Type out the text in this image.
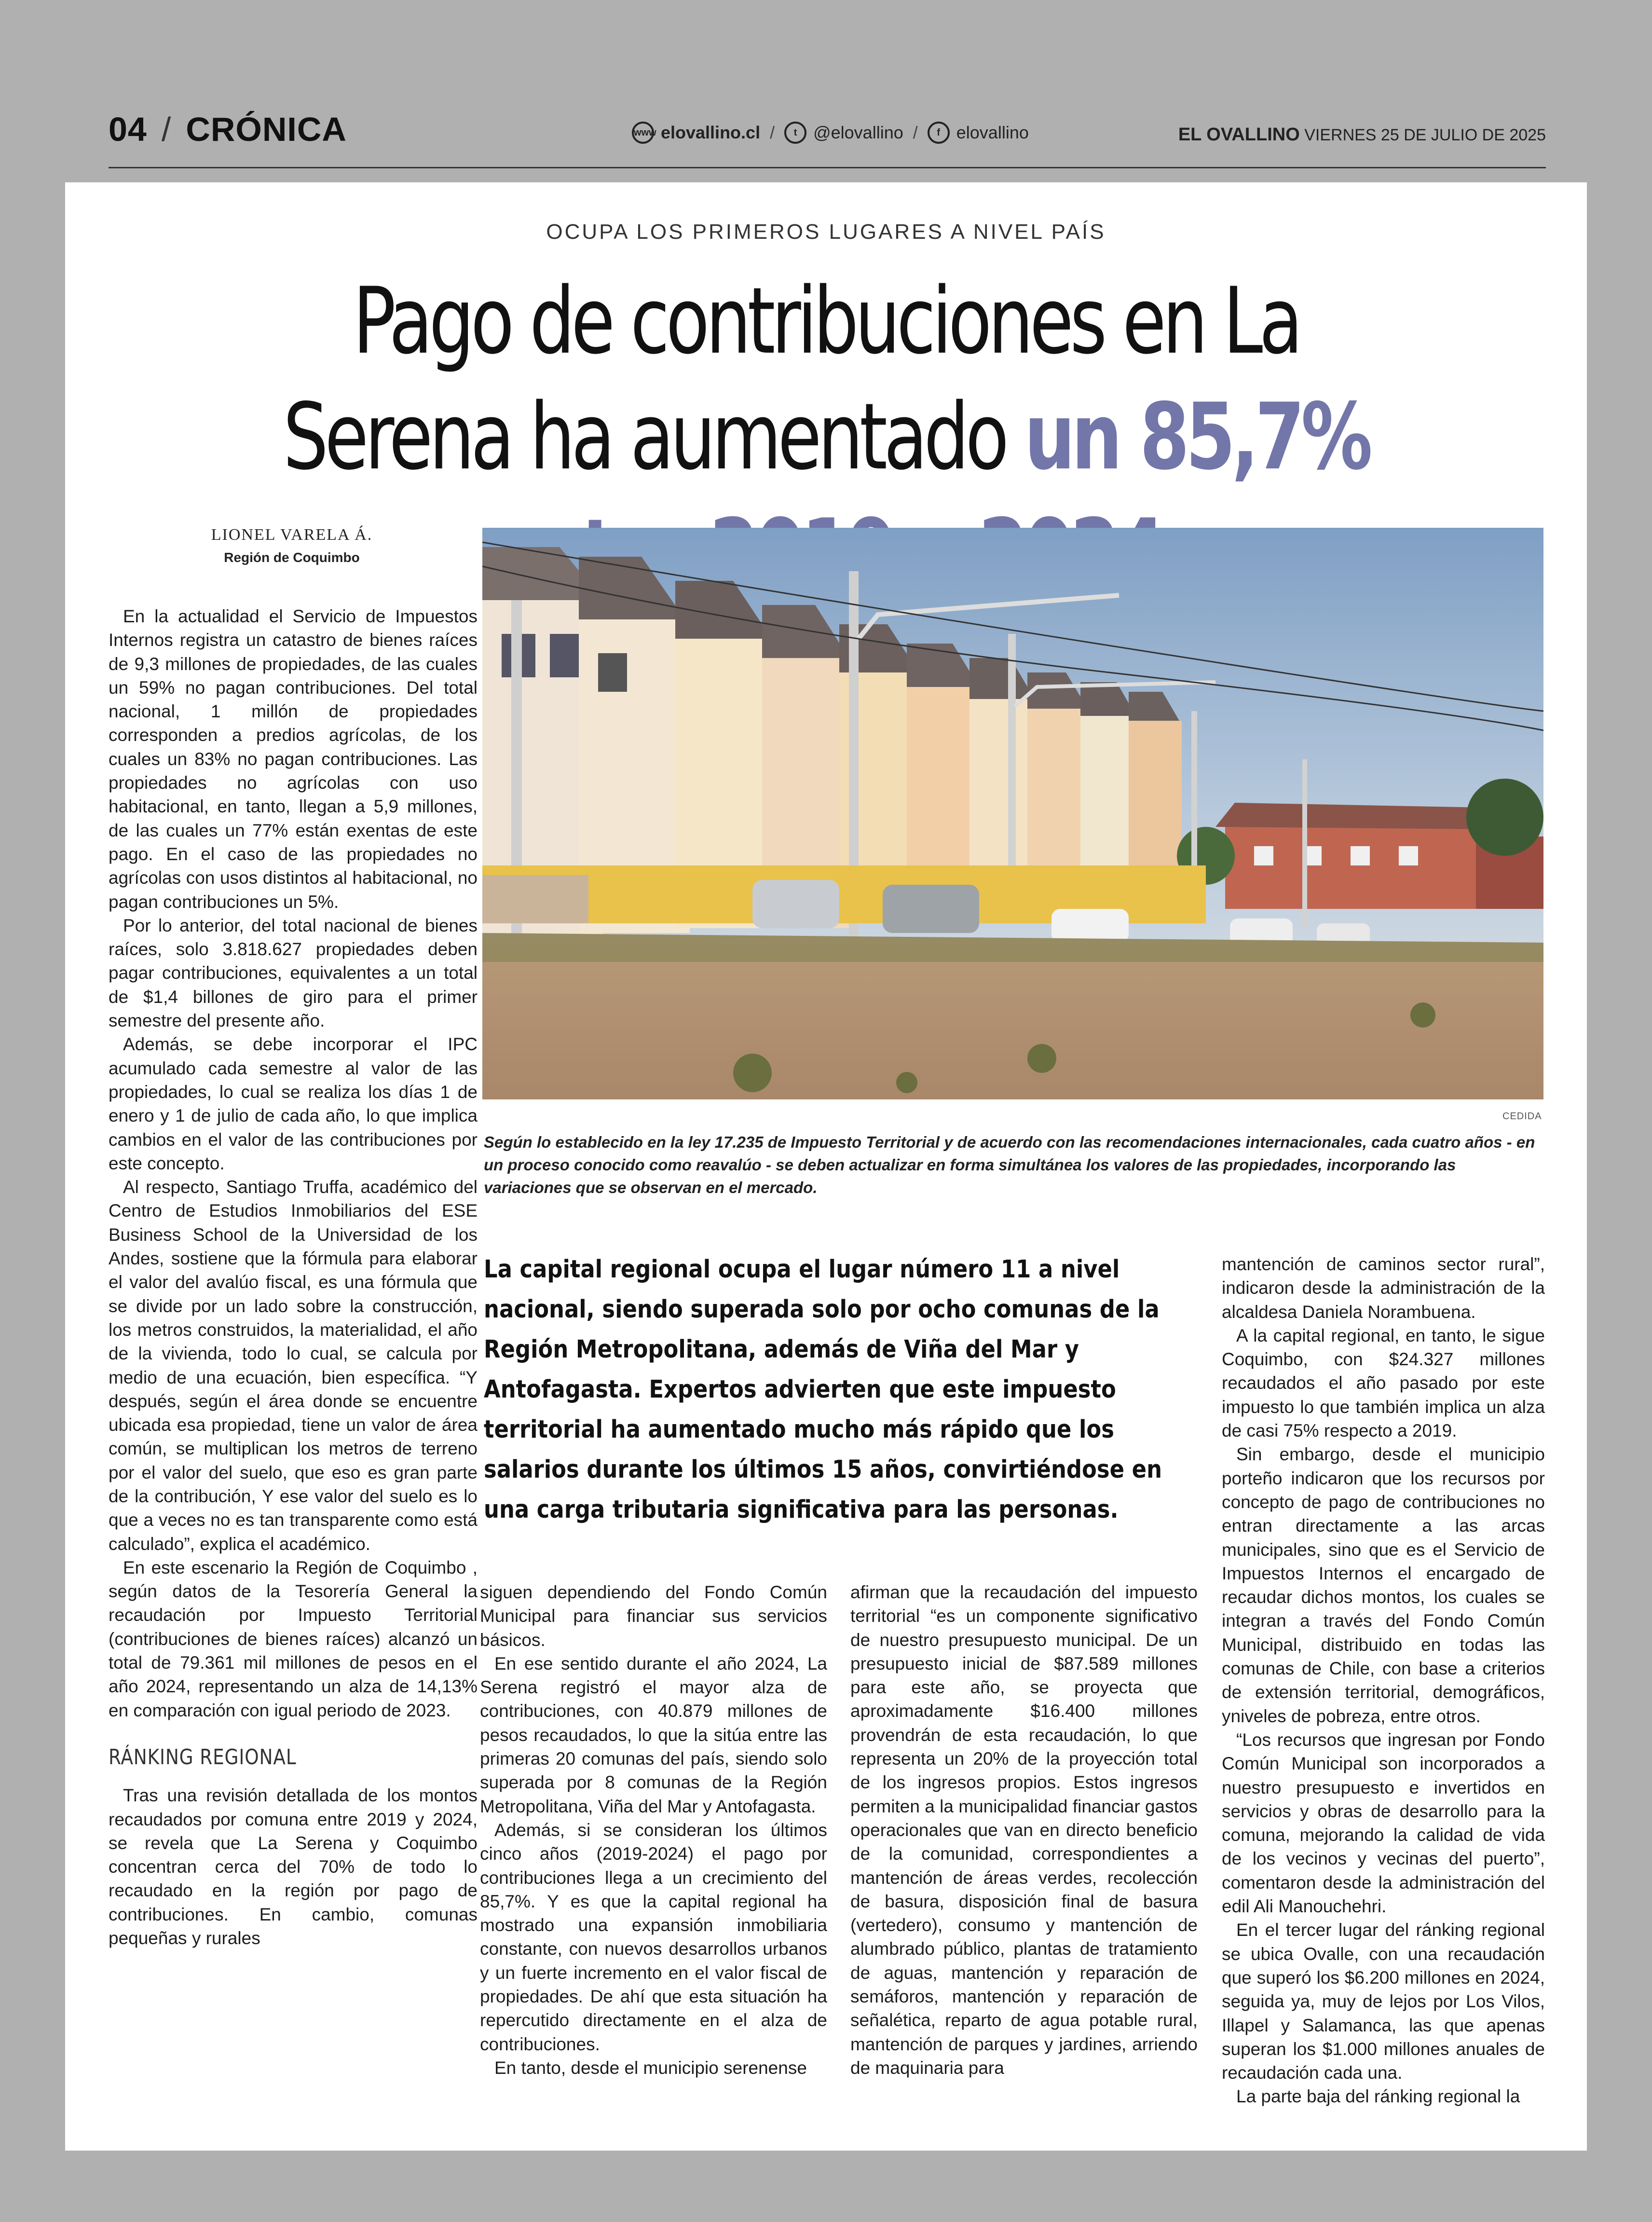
04 / CRÓNICA	www elovallino.cl /	t @elovallino /	f elovallino	EL OVALLINO VIERNES 25 DE JULIO DE 2025
OCUPA LOS PRIMEROS LUGARES A NIVEL PAÍS
Pago de contribuciones en La Serena ha aumentado un 85,7%
LIONEL VARELA Á.
Región de Coquimbo
CEDIDA
Según lo establecido en la ley 17.235 de Impuesto Territorial y de acuerdo con las recomendaciones internacionales, cada cuatro años - en un proceso conocido como reavalúo - se deben actualizar en forma simultánea los valores de las propiedades, incorporando las variaciones que se observan en el mercado.
La capital regional ocupa el lugar número 11 a nivel nacional, siendo superada solo por ocho comunas de la Región Metropolitana, además de Viña del Mar y Antofagasta. Expertos advierten que este impuesto territorial ha aumentado mucho más rápido que los salarios durante los últimos 15 años, convirtiéndose en una carga tributaria significativa para las personas.

En la actualidad el Servicio de Impuestos Internos registra un catastro de bienes raíces de 9,3 millones de propiedades, de las cuales un 59% no pagan contribuciones. Del total nacional, 1 millón de propiedades corresponden a predios agrícolas, de los cuales un 83% no pagan contribuciones. Las propiedades no agrícolas con uso habitacional, en tanto, llegan a 5,9 millones, de las cuales un 77% están exentas de este pago. En el caso de las propiedades no agrícolas con usos distintos al habitacional, no pagan contribuciones un 5%.

Por lo anterior, del total nacional de bienes raíces, solo 3.818.627 propiedades deben pagar contribuciones, equivalentes a un total de $1,4 billones de giro para el primer semestre del presente año.

Además, se debe incorporar el IPC acumulado cada semestre al valor de las propiedades, lo cual se realiza los días 1 de enero y 1 de julio de cada año, lo que implica cambios en el valor de las contribuciones por este concepto.

Al respecto, Santiago Truffa, académico del Centro de Estudios Inmobiliarios del ESE Business School de la Universidad de los Andes, sostiene que la fórmula para elaborar el valor del avalúo fiscal, es una fórmula que se divide por un lado sobre la construcción, los metros construidos, la materialidad, el año de la vivienda, todo lo cual, se calcula por medio de una ecuación, bien específica. “Y después, según el área donde se encuentre ubicada esa propiedad, tiene un valor de área común, se multiplican los metros de terreno por el valor del suelo, que eso es gran parte de la contribución, Y ese valor del suelo es lo que a veces no es tan transparente como está calculado”, explica el académico.

En este escenario la Región de Coquimbo , según datos de la Tesorería General la recaudación por Impuesto Territorial (contribuciones de bienes raíces) alcanzó un total de 79.361 mil millones de pesos en el año 2024, representando un alza de 14,13% en comparación con igual periodo de 2023.

RÁNKING REGIONAL

Tras una revisión detallada de los montos recaudados por comuna entre 2019 y 2024, se revela que La Serena y Coquimbo concentran cerca del 70% de todo lo recaudado en la región por pago de contribuciones. En cambio, comunas pequeñas y rurales

siguen dependiendo del Fondo Común Municipal para financiar sus servicios básicos.

En ese sentido durante el año 2024, La Serena registró el mayor alza de contribuciones, con 40.879 millones de pesos recaudados, lo que la sitúa entre las primeras 20 comunas del país, siendo solo superada por 8 comunas de la Región Metropolitana, Viña del Mar y Antofagasta.

Además, si se consideran los últimos cinco años (2019-2024) el pago por contribuciones llega a un crecimiento del 85,7%. Y es que la capital regional ha mostrado una expansión inmobiliaria constante, con nuevos desarrollos urbanos y un fuerte incremento en el valor fiscal de propiedades. De ahí que esta situación ha repercutido directamente en el alza de contribuciones.

En tanto, desde el municipio serenense

afirman que la recaudación del impuesto territorial “es un componente significativo de nuestro presupuesto municipal. De un presupuesto inicial de $87.589 millones para este año, se proyecta que aproximadamente $16.400 millones provendrán de esta recaudación, lo que representa un 20% de la proyección total de los ingresos propios. Estos ingresos permiten a la municipalidad financiar gastos operacionales que van en directo beneficio de la comunidad, correspondientes a mantención de áreas verdes, recolección de basura, disposición final de basura (vertedero), consumo y mantención de alumbrado público, plantas de tratamiento de aguas, mantención y reparación de semáforos, mantención y reparación de señalética, reparto de agua potable rural, mantención de parques y jardines, arriendo de maquinaria para

mantención de caminos sector rural”, indicaron desde la administración de la alcaldesa Daniela Norambuena.

A la capital regional, en tanto, le sigue Coquimbo, con $24.327 millones recaudados el año pasado por este impuesto lo que también implica un alza de casi 75% respecto a 2019.

Sin embargo, desde el municipio porteño indicaron que los recursos por concepto de pago de contribuciones no entran directamente a las arcas municipales, sino que es el Servicio de Impuestos Internos el encargado de recaudar dichos montos, los cuales se integran a través del Fondo Común Municipal, distribuido en todas las comunas de Chile, con base a criterios de extensión territorial, demográficos, yniveles de pobreza, entre otros.

“Los recursos que ingresan por Fondo Común Municipal son incorporados a nuestro presupuesto e invertidos en servicios y obras de desarrollo para la comuna, mejorando la calidad de vida de los vecinos y vecinas del puerto”, comentaron desde la administración del edil Ali Manouchehri.

En el tercer lugar del ránking regional se ubica Ovalle, con una recaudación que superó los $6.200 millones en 2024, seguida ya, muy de lejos por Los Vilos, Illapel y Salamanca, las que apenas superan los $1.000 millones anuales de recaudación cada una.

La parte baja del ránking regional la
